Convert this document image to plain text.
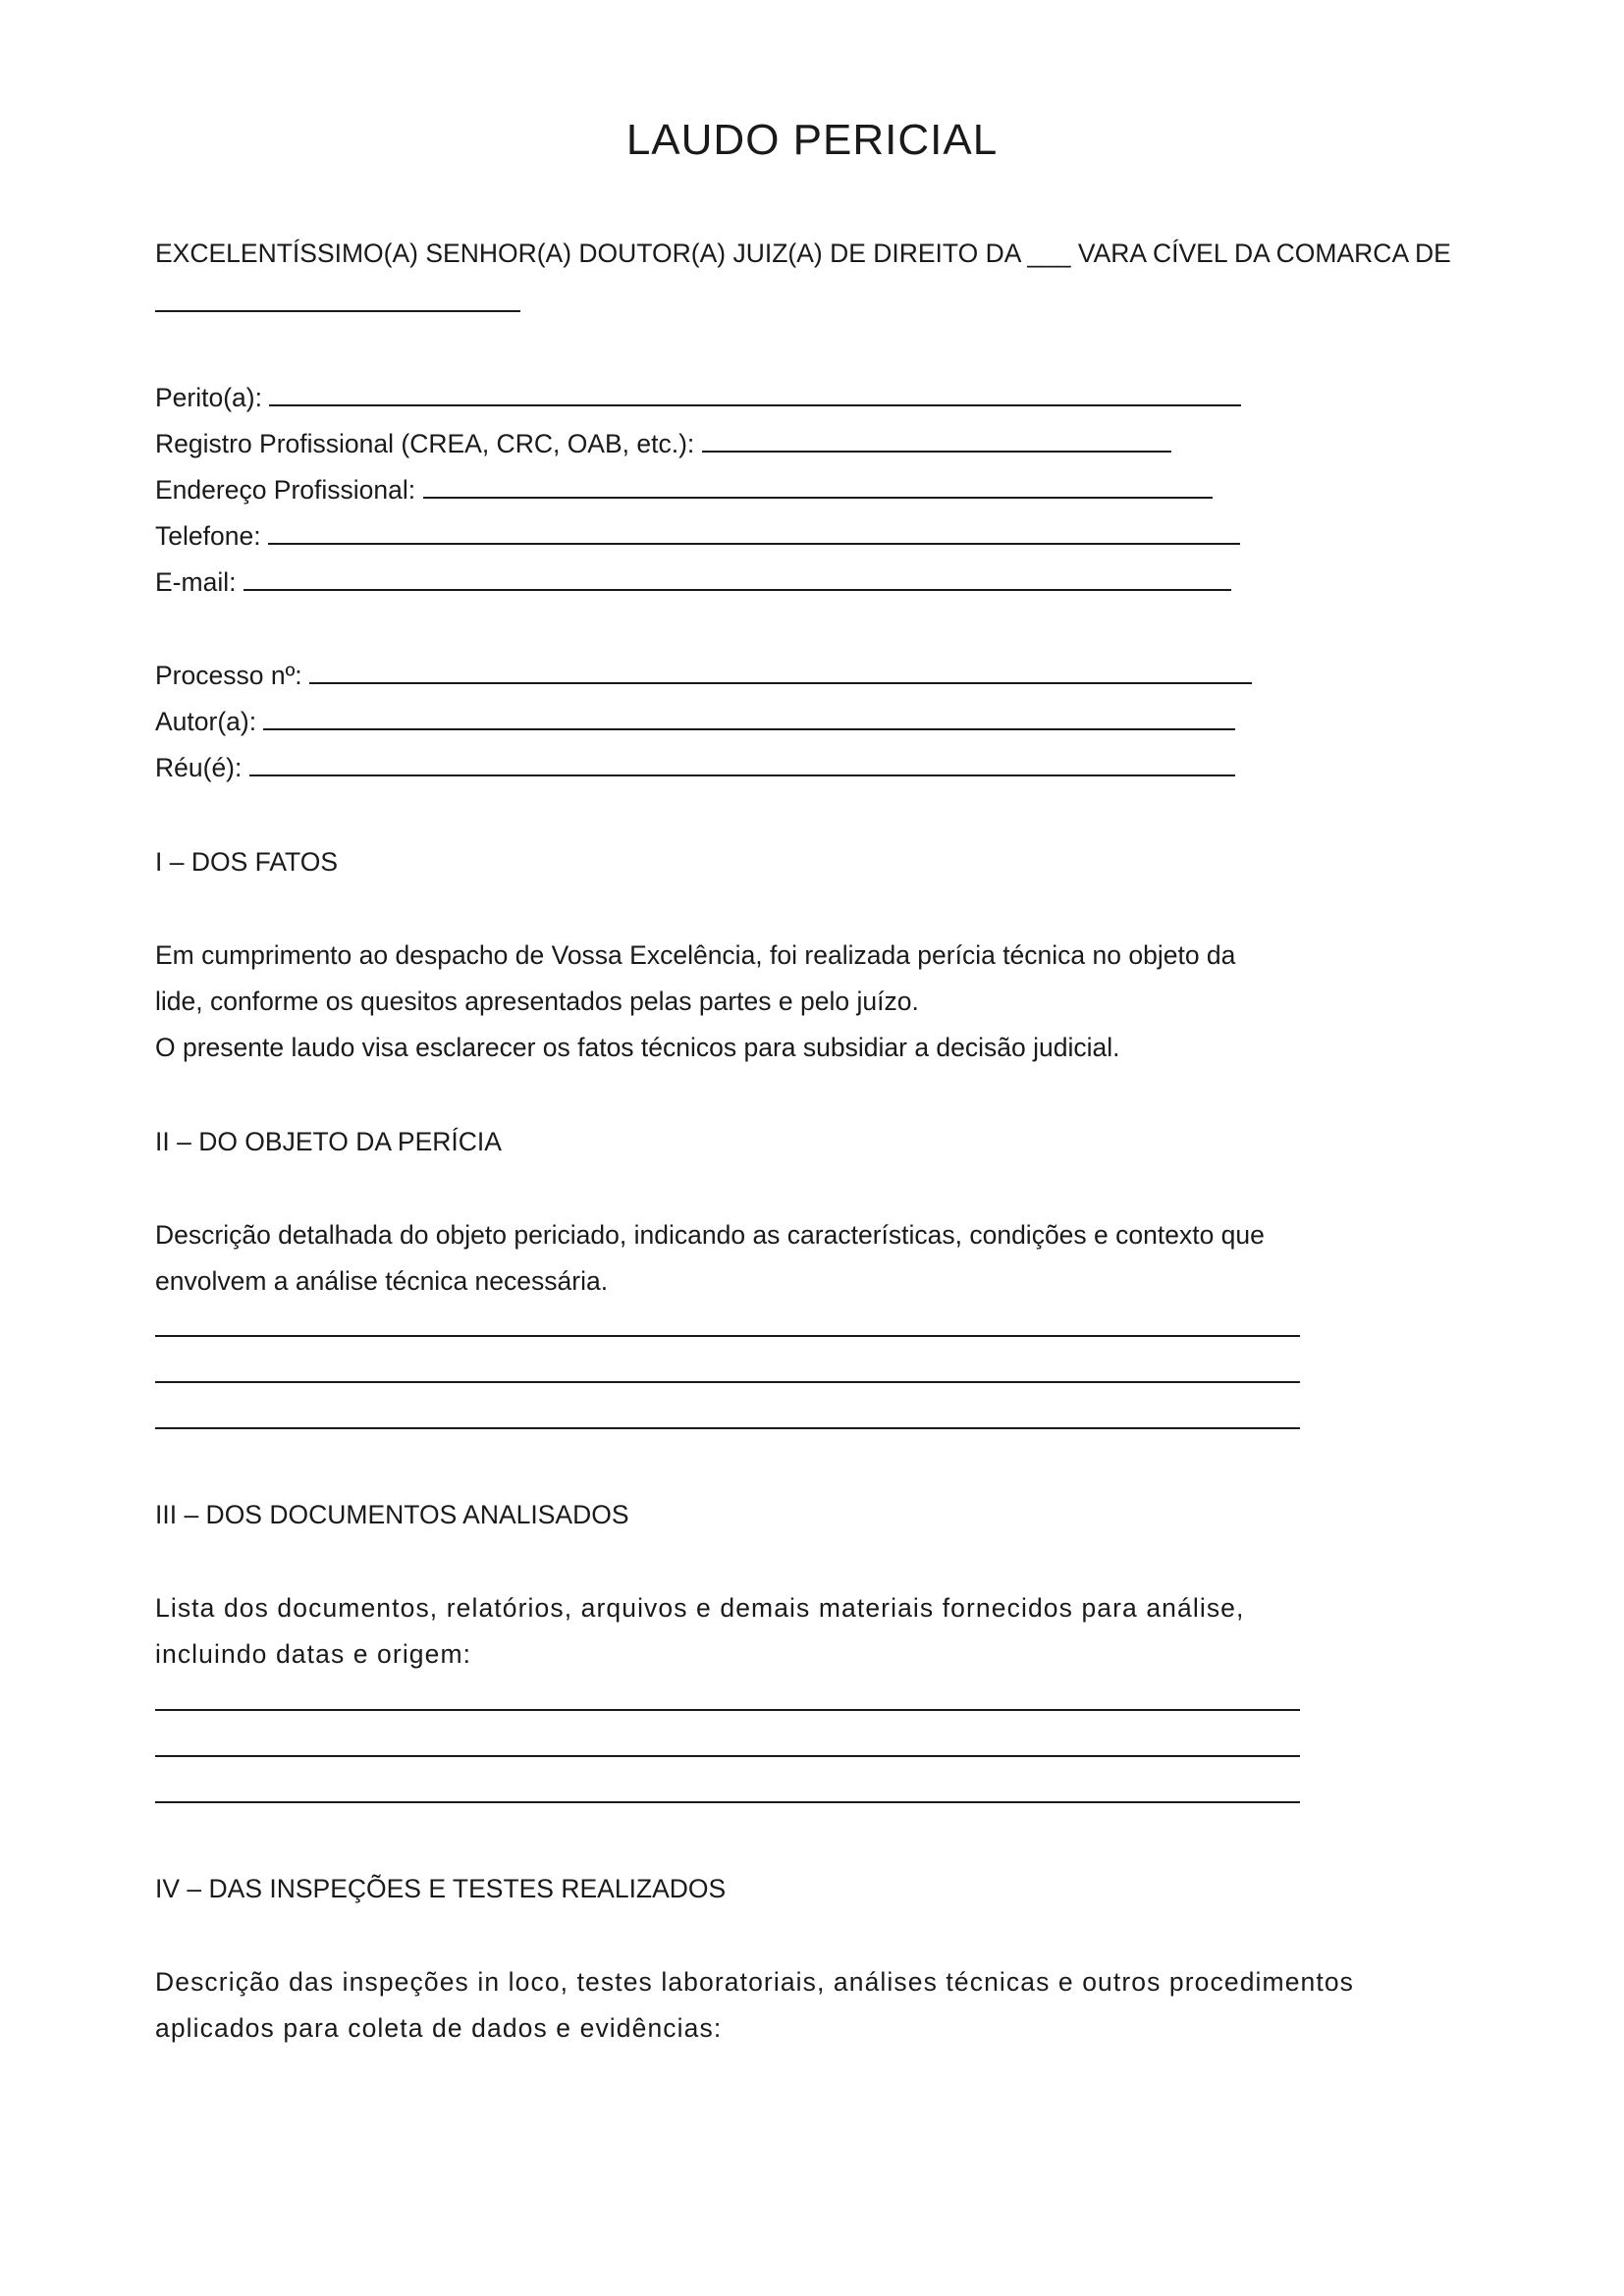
LAUDO PERICIAL
EXCELENTÍSSIMO(A) SENHOR(A) DOUTOR(A) JUIZ(A) DE DIREITO DA ___ VARA CÍVEL DA COMARCA DE
Perito(a):
Registro Profissional (CREA, CRC, OAB, etc.):
Endereço Profissional:
Telefone:
E-mail:
Processo nº:
Autor(a):
Réu(é):
I – DOS FATOS
Em cumprimento ao despacho de Vossa Excelência, foi realizada perícia técnica no objeto da
lide, conforme os quesitos apresentados pelas partes e pelo juízo.
O presente laudo visa esclarecer os fatos técnicos para subsidiar a decisão judicial.
II – DO OBJETO DA PERÍCIA
Descrição detalhada do objeto periciado, indicando as características, condições e contexto que
envolvem a análise técnica necessária.
III – DOS DOCUMENTOS ANALISADOS
Lista dos documentos, relatórios, arquivos e demais materiais fornecidos para análise,
incluindo datas e origem:
IV – DAS INSPEÇÕES E TESTES REALIZADOS
Descrição das inspeções in loco, testes laboratoriais, análises técnicas e outros procedimentos
aplicados para coleta de dados e evidências:
